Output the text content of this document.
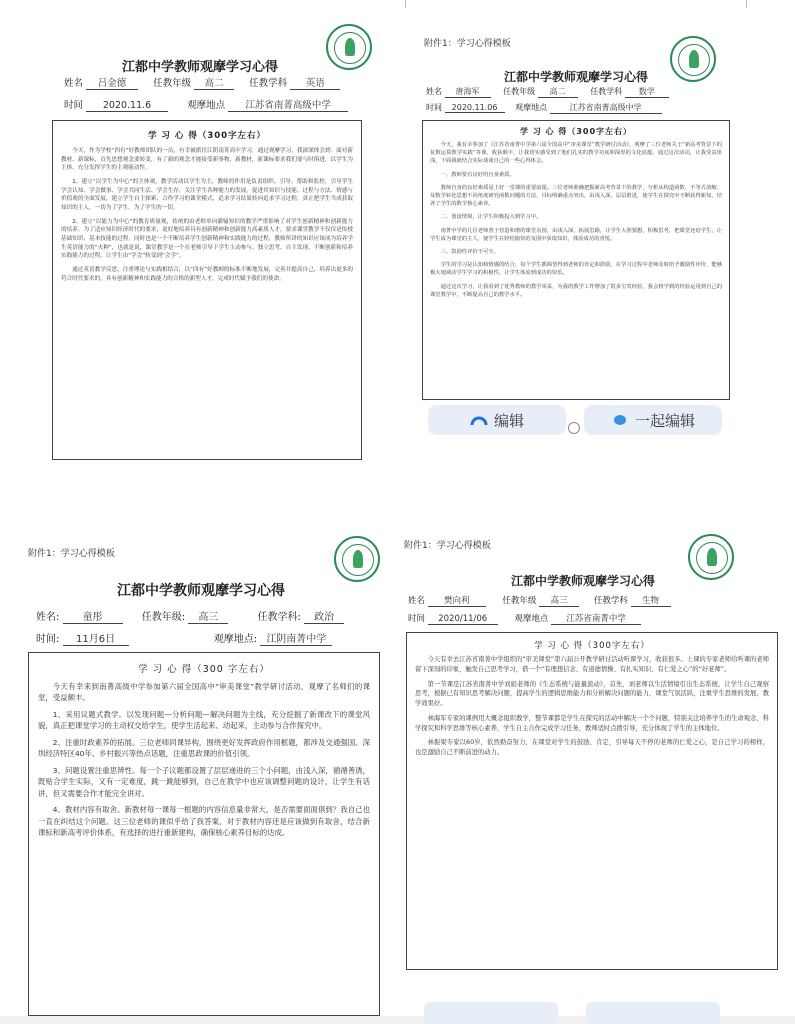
江都中学教师观摩学习心得
姓名 吕金德	任教年级 高二	任教学科 英语
时间 2020.11.6	观摩地点 江苏省南菁高级中学
学 习 心 得（300字左右）

今天，作为学校“四有”好教师团队的一员，有幸被派往江阴南菁高中学习，通过观摩学习，我深深体会到：面对新教材、新课标，首先思想观念要转变，有了新的观念才能接受新事物、新教材，新课标要求我们要与时俱进，以学生为主体，充分发挥学生的主观能动性。

1、建立“以学生为中心”的主体观，教学活动以学生为主，教师的作用是负责组织、引导、帮助和监控，引导学生学会认知、学会做事、学会共同生活、学会生存，关注学生各种能力的发展，促进其知识与技能、过程与方法、情感与价值观的全面发展，建立学生自主探索、合作学习的课堂模式，追求学习结果转向追求学习过程，真正把学生当成获取知识的主人，一切为了学生，为了学生的一切。

2、建立“以能力为中心”的教育质量观，传统的由老师单向灌输知识的教学严重影响了对学生创新精神和创新能力的培养。为了适应知识经济时代的要求，更好地培养具有创新精神和创新能力高素质人才，要求课堂教学不仅仅是传授基础知识、基本技能的过程，同时也是一个不断培养学生创新精神和实践能力的过程，教师所讲的知识应该成为培养学生英语能力的“火种”，也就是说，课堂教学是一个在老师引导下学生主动参与、独立思考、自主发现、不断创新和培养实践能力的过程，让学生由“学会”转变到“会学”。

通过英语教学反思，注重理论与实践相结合，以“四有”好教师的标准不断地发展，完善并提高自己，培养出更多的符合时代要求的，具有创新精神和实践能力的合格的新型人才，完成时代赋予我们的使命。

附件1：学习心得模板
江都中学教师观摩学习心得
姓名 唐海军	任教年级 高二	任教学科 数学
时间 2020.11.06 观摩地点	江苏省南菁高级中学
学 习 心 得（300字左右）

今天，我有幸参加了《江苏省南菁中学第六届全国高中“审美课堂”教学研讨活动》，观摩了三位老师关于“新高考背景下的复数运算教学实践”等课，收获颇丰，让我切实感受到了他们扎实的教学功底和深厚的文化底蕴，通过这次活动，让我受益匪浅，下面我就结合实际谈谈自己的一些心得体会。

一、教师要有良好的自身素质。

教师自身的良好素质是上好一堂课的重要前提。三位老师准确把握新高考背景下的教学，分析从构造函数、不等式放缩、及数学转化思想不同角度研究函数问题的方法，目标明确重点突出，由浅入深，层层推进，使学生在探究中不断获得新知，培养了学生的数学核心素养。

二、创设情境，让学生积极投入到学习中。

南菁中学的几位老师善于营造和谐的课堂氛围，由浅入深，拓展思路，让学生大胆猜想，积极思考，把课堂还给学生，让学生成为课堂的主人，使学生在轻松愉快的氛围中获取知识，体验成功的喜悦。

三、鼓励性评价不可少。

学生的学习是认知和情感的结合，每个学生都渴望得到老师的肯定和鼓励，在学习过程中老师及时给予激励性评价，能够极大地调动学生学习的积极性，让学生体验到成功的快乐。

通过这次学习，让我看到了优秀教师的教学风采，为我的教学工作增加了很多宝贵经验，我会将学到的经验运用到自己的课堂教学中，不断提高自己的教学水平。

编辑	一起编辑
附件1：学习心得模板
江都中学教师观摩学习心得
姓名: 童彤	任教年级: 高三	任教学科: 政治
时间: 11月6日	观摩地点: 江阴南菁中学
学 习 心 得（300 字左右）

今天有幸来到南菁高级中学参加第六届全国高中“审美课堂”教学研讨活动，观摩了名师们的课堂，受益颇丰。

1、采用议题式教学。以发现问题—分析问题—解决问题为主线，充分挖掘了新课改下的课堂风貌，真正把课堂学习的主动权交给学生，使学生活起来、动起来，主动参与合作探究中。

2、注重时政素养的拓展。三位老师同课异构，围绕更好发挥政府作用框题，都涉及交通强国、深圳经济特区40年、乡村振兴等热点话题，注重思政课的价值引领。

3、问题设置注重思辨性。每一个子议题都设置了层层递进的三个小问题，由浅入深，循循善诱，既贴合学生实际，又有一定难度，跳一跳能够到，自己在教学中也应该调整问题的设计，让学生有话讲，但又需要合作才能完全讲对。

4、教材内容有取舍。新教材每一课每一框题的内容信息量非常大，是否需要面面俱到？我自己也一直在纠结这个问题。这三位老师的课似乎给了我答案，对于教材内容还是应该做到有取舍，结合新课标和新高考评价体系，有选择的进行重新建构，确保核心素养目标的达成。

附件1：学习心得模板
江都中学教师观摩学习心得
姓名 樊向利	任教年级 高三	任教学科 生物
时间 2020/11/06	观摩地点 江苏省南菁中学
学 习 心 得（300字左右）

今天有幸去江苏省南菁中学组织的“审美课堂”第六届公开教学研讨活动听课学习，收获很多。上课的专家老师给听课的老师留下深刻的印象，触发自己思考学习，借一个“有理想信念、有道德情操、有扎实知识、有仁爱之心”的“好老师”。

第一节课是江苏省南菁中学刘娟老师的《生态系统与能量流动》，首先，刘老师以生活情境引出生态系统，让学生自己观察思考，根据已有知识思考解决问题，提高学生的逻辑思维能力和分析解决问题的能力，课堂气氛活跃，注重学生思维的发展，教学效果好。

林海军专家的课例用大概念组织教学，整节课都是学生在探究的活动中解决一个个问题，特别关注培养学生的生命观念、科学探究和科学思维等核心素养，学生自主合作完成学习任务，教师适时点拨引导，充分体现了学生的主体地位。

林振梁专家以60岁，依然勤奋努力，在课堂对学生的鼓励、肯定，引导每天不停的老师的仁爱之心，是自己学习的榜样，也是激励自己不断前进的动力。
